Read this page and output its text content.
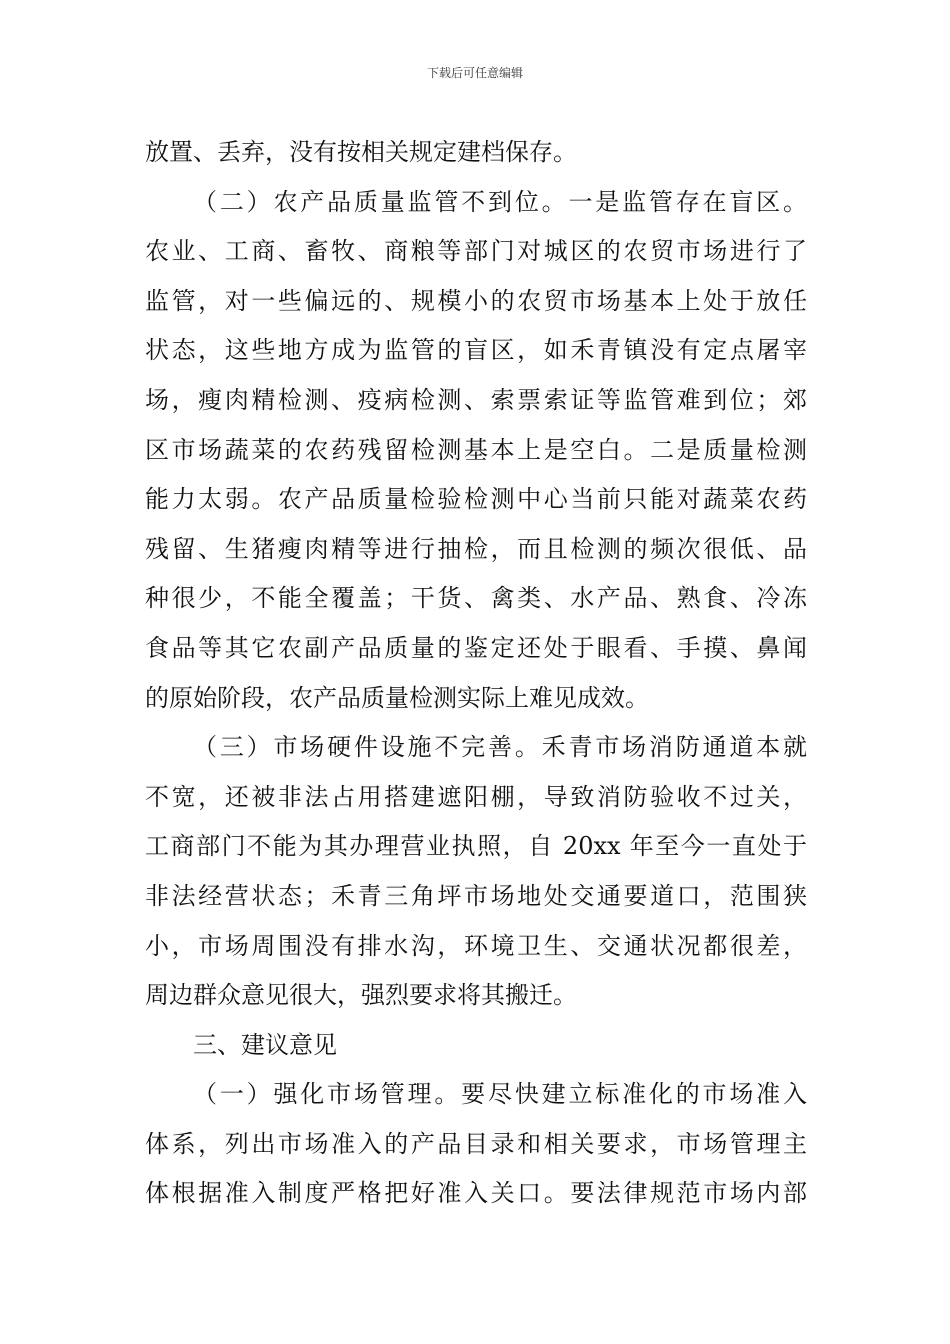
下载后可任意编辑
放置、丢弃，没有按相关规定建档保存。
（二）农产品质量监管不到位。一是监管存在盲区。
农业、工商、畜牧、商粮等部门对城区的农贸市场进行了
监管，对一些偏远的、规模小的农贸市场基本上处于放任
状态，这些地方成为监管的盲区，如禾青镇没有定点屠宰
场，瘦肉精检测、疫病检测、索票索证等监管难到位；郊
区市场蔬菜的农药残留检测基本上是空白。二是质量检测
能力太弱。农产品质量检验检测中心当前只能对蔬菜农药
残留、生猪瘦肉精等进行抽检，而且检测的频次很低、品
种很少，不能全覆盖；干货、禽类、水产品、熟食、冷冻
食品等其它农副产品质量的鉴定还处于眼看、手摸、鼻闻
的原始阶段，农产品质量检测实际上难见成效。
（三）市场硬件设施不完善。禾青市场消防通道本就
不宽，还被非法占用搭建遮阳棚，导致消防验收不过关，
工商部门不能为其办理营业执照，自 20xx 年至今一直处于
非法经营状态；禾青三角坪市场地处交通要道口，范围狭
小，市场周围没有排水沟，环境卫生、交通状况都很差，
周边群众意见很大，强烈要求将其搬迁。
三、建议意见
（一）强化市场管理。要尽快建立标准化的市场准入
体系，列出市场准入的产品目录和相关要求，市场管理主
体根据准入制度严格把好准入关口。要法律规范市场内部
